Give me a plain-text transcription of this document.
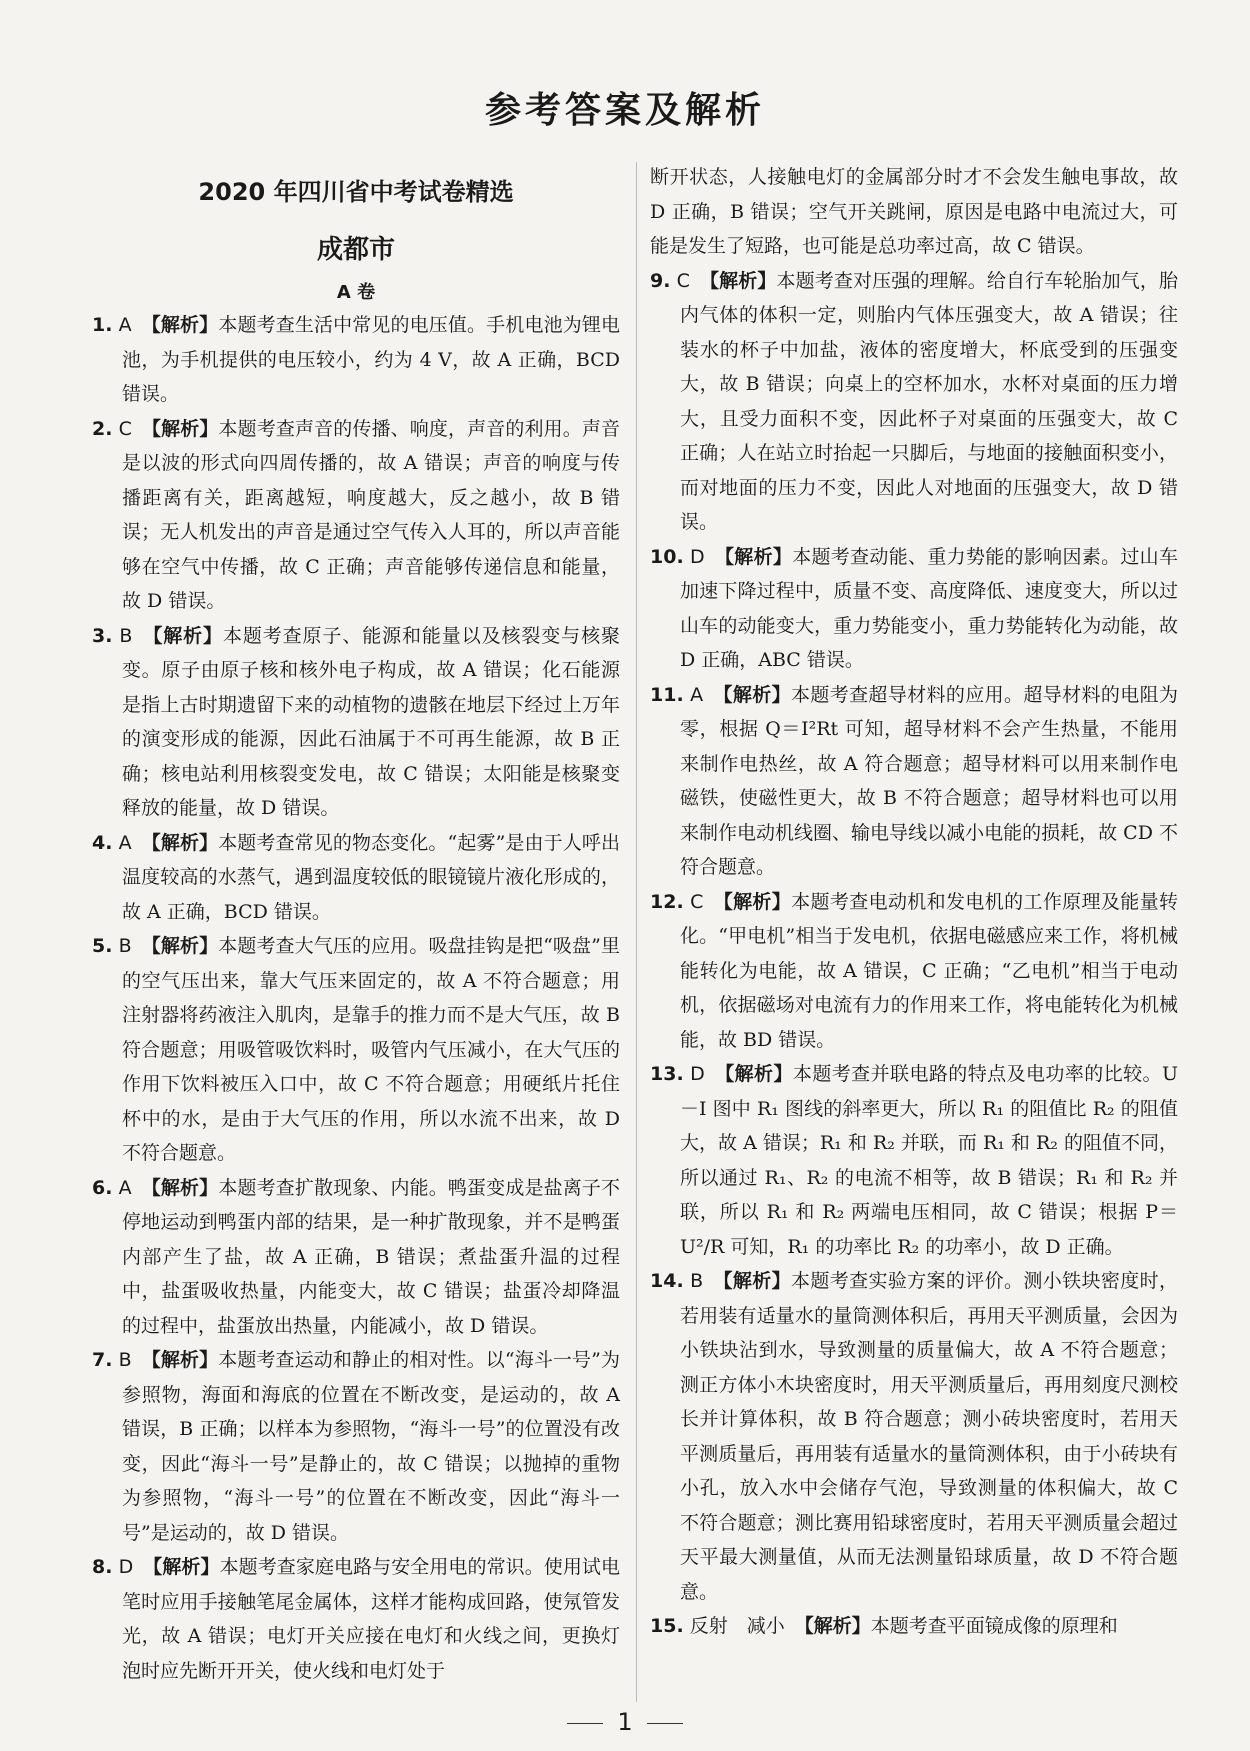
参考答案及解析
2020 年四川省中考试卷精选
成都市
A 卷

1. A 【解析】本题考查生活中常见的电压值。手机电池为锂电池，为手机提供的电压较小，约为 4 V，故 A 正确，BCD 错误。

2. C 【解析】本题考查声音的传播、响度，声音的利用。声音是以波的形式向四周传播的，故 A 错误；声音的响度与传播距离有关，距离越短，响度越大，反之越小，故 B 错误；无人机发出的声音是通过空气传入人耳的，所以声音能够在空气中传播，故 C 正确；声音能够传递信息和能量，故 D 错误。

3. B 【解析】本题考查原子、能源和能量以及核裂变与核聚变。原子由原子核和核外电子构成，故 A 错误；化石能源是指上古时期遗留下来的动植物的遗骸在地层下经过上万年的演变形成的能源，因此石油属于不可再生能源，故 B 正确；核电站利用核裂变发电，故 C 错误；太阳能是核聚变释放的能量，故 D 错误。

4. A 【解析】本题考查常见的物态变化。“起雾”是由于人呼出温度较高的水蒸气，遇到温度较低的眼镜镜片液化形成的，故 A 正确，BCD 错误。

5. B 【解析】本题考查大气压的应用。吸盘挂钩是把“吸盘”里的空气压出来，靠大气压来固定的，故 A 不符合题意；用注射器将药液注入肌肉，是靠手的推力而不是大气压，故 B 符合题意；用吸管吸饮料时，吸管内气压减小，在大气压的作用下饮料被压入口中，故 C 不符合题意；用硬纸片托住杯中的水，是由于大气压的作用，所以水流不出来，故 D 不符合题意。

6. A 【解析】本题考查扩散现象、内能。鸭蛋变成是盐离子不停地运动到鸭蛋内部的结果，是一种扩散现象，并不是鸭蛋内部产生了盐，故 A 正确，B 错误；煮盐蛋升温的过程中，盐蛋吸收热量，内能变大，故 C 错误；盐蛋冷却降温的过程中，盐蛋放出热量，内能减小，故 D 错误。

7. B 【解析】本题考查运动和静止的相对性。以“海斗一号”为参照物，海面和海底的位置在不断改变，是运动的，故 A 错误，B 正确；以样本为参照物，“海斗一号”的位置没有改变，因此“海斗一号”是静止的，故 C 错误；以抛掉的重物为参照物，“海斗一号”的位置在不断改变，因此“海斗一号”是运动的，故 D 错误。

8. D 【解析】本题考查家庭电路与安全用电的常识。使用试电笔时应用手接触笔尾金属体，这样才能构成回路，使氖管发光，故 A 错误；电灯开关应接在电灯和火线之间，更换灯泡时应先断开开关，使火线和电灯处于

断开状态，人接触电灯的金属部分时才不会发生触电事故，故 D 正确，B 错误；空气开关跳闸，原因是电路中电流过大，可能是发生了短路，也可能是总功率过高，故 C 错误。

9. C 【解析】本题考查对压强的理解。给自行车轮胎加气，胎内气体的体积一定，则胎内气体压强变大，故 A 错误；往装水的杯子中加盐，液体的密度增大，杯底受到的压强变大，故 B 错误；向桌上的空杯加水，水杯对桌面的压力增大，且受力面积不变，因此杯子对桌面的压强变大，故 C 正确；人在站立时抬起一只脚后，与地面的接触面积变小，而对地面的压力不变，因此人对地面的压强变大，故 D 错误。

10. D 【解析】本题考查动能、重力势能的影响因素。过山车加速下降过程中，质量不变、高度降低、速度变大，所以过山车的动能变大，重力势能变小，重力势能转化为动能，故 D 正确，ABC 错误。

11. A 【解析】本题考查超导材料的应用。超导材料的电阻为零，根据 Q＝I²Rt 可知，超导材料不会产生热量，不能用来制作电热丝，故 A 符合题意；超导材料可以用来制作电磁铁，使磁性更大，故 B 不符合题意；超导材料也可以用来制作电动机线圈、输电导线以减小电能的损耗，故 CD 不符合题意。

12. C 【解析】本题考查电动机和发电机的工作原理及能量转化。“甲电机”相当于发电机，依据电磁感应来工作，将机械能转化为电能，故 A 错误，C 正确；“乙电机”相当于电动机，依据磁场对电流有力的作用来工作，将电能转化为机械能，故 BD 错误。

13. D 【解析】本题考查并联电路的特点及电功率的比较。U－I 图中 R₁ 图线的斜率更大，所以 R₁ 的阻值比 R₂ 的阻值大，故 A 错误；R₁ 和 R₂ 并联，而 R₁ 和 R₂ 的阻值不同，所以通过 R₁、R₂ 的电流不相等，故 B 错误；R₁ 和 R₂ 并联，所以 R₁ 和 R₂ 两端电压相同，故 C 错误；根据 P＝U²/R 可知，R₁ 的功率比 R₂ 的功率小，故 D 正确。

14. B 【解析】本题考查实验方案的评价。测小铁块密度时，若用装有适量水的量筒测体积后，再用天平测质量，会因为小铁块沾到水，导致测量的质量偏大，故 A 不符合题意；测正方体小木块密度时，用天平测质量后，再用刻度尺测校长并计算体积，故 B 符合题意；测小砖块密度时，若用天平测质量后，再用装有适量水的量筒测体积，由于小砖块有小孔，放入水中会储存气泡，导致测量的体积偏大，故 C 不符合题意；测比赛用铅球密度时，若用天平测质量会超过天平最大测量值，从而无法测量铅球质量，故 D 不符合题意。

15. 反射　减小 【解析】本题考查平面镜成像的原理和

1
